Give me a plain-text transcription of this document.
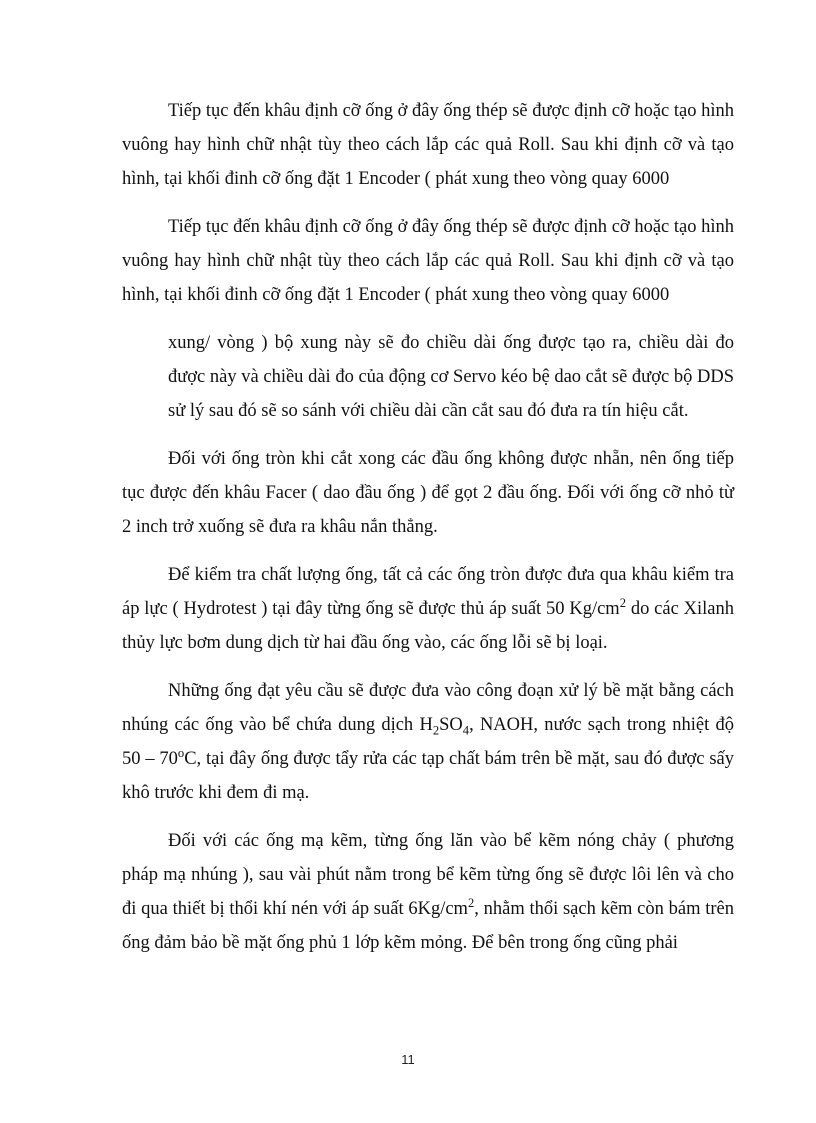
Tiếp tục đến khâu định cỡ ống ở đây ống thép sẽ được định cỡ hoặc tạo hình vuông hay hình chữ nhật tùy theo cách lắp các quả Roll. Sau khi định cỡ và tạo hình, tại khối đinh cỡ ống đặt 1 Encoder ( phát xung theo vòng quay 6000

Tiếp tục đến khâu định cỡ ống ở đây ống thép sẽ được định cỡ hoặc tạo hình vuông hay hình chữ nhật tùy theo cách lắp các quả Roll. Sau khi định cỡ và tạo hình, tại khối đinh cỡ ống đặt 1 Encoder ( phát xung theo vòng quay 6000

xung/ vòng ) bộ xung này sẽ đo chiều dài ống được tạo ra, chiều dài đo được này và chiều dài đo của động cơ Servo kéo bệ dao cắt sẽ được bộ DDS sử lý sau đó sẽ so sánh với chiều dài cần cắt sau đó đưa ra tín hiệu cắt.

Đối với ống tròn khi cắt xong các đầu ống không được nhẵn, nên ống tiếp tục được đến khâu Facer ( dao đầu ống ) để gọt 2 đầu ống. Đối với ống cỡ nhỏ từ 2 inch trở xuống sẽ đưa ra khâu nắn thẳng.

Để kiểm tra chất lượng ống, tất cả các ống tròn được đưa qua khâu kiểm tra áp lực ( Hydrotest ) tại đây từng ống sẽ được thủ áp suất 50 $Kg/cm^2$ do các Xilanh thủy lực bơm dung dịch từ hai đầu ống vào, các ống lỗi sẽ bị loại.

Những ống đạt yêu cầu sẽ được đưa vào công đoạn xử lý bề mặt bằng cách nhúng các ống vào bể chứa dung dịch $H_2SO_4$, NAOH, nước sạch trong nhiệt độ 50 – 70$^o$C, tại đây ống được tẩy rửa các tạp chất bám trên bề mặt, sau đó được sấy khô trước khi đem đi mạ.

Đối với các ống mạ kẽm, từng ống lăn vào bể kẽm nóng chảy ( phương pháp mạ nhúng ), sau vài phút nằm trong bể kẽm từng ống sẽ được lôi lên và cho đi qua thiết bị thổi khí nén với áp suất $6Kg/cm^2$, nhằm thổi sạch kẽm còn bám trên ống đảm bảo bề mặt ống phủ 1 lớp kẽm mỏng. Để bên trong ống cũng phải

11
